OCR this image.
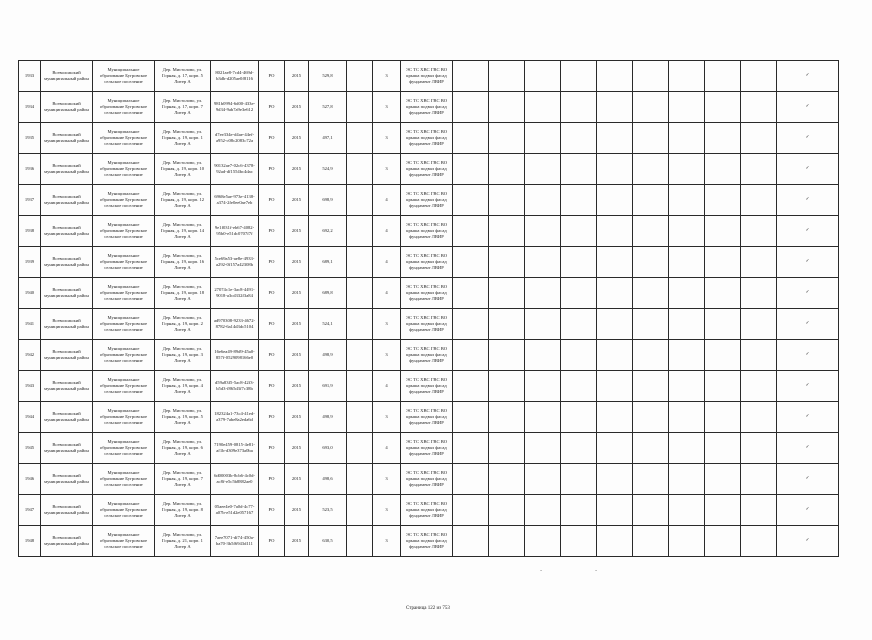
1933	Всеволожский муниципальный район	Муниципальное образование Бугровское сельское поселение	Дер. Мистолово, ул. Горная, д. 17, корп. 5 Литер А	8021ae8-7cd4-469d-b3db-d205ae0f8116	РО	2015	529,8		3	ЭС ТС ХВС ГВС ВО крыша подвал фасад фундамент ЛВИР										✓
1934	Всеволожский муниципальный район	Муниципальное образование Бугровское сельское поселение	Дер. Мистолово, ул. Горная, д. 17, корп. 7 Литер А	981b0994-6d00-433e-9d34-9ab7a9e3e612	РО	2015	527,8		3	ЭС ТС ХВС ГВС ВО крыша подвал фасад фундамент ЛВИР										✓
1935	Всеволожский муниципальный район	Муниципальное образование Бугровское сельское поселение	Дер. Мистолово, ул. Горная, д. 19, корп. 1 Литер А	d7ee334e-d4ae-44ef-a952-c08c2083c72a	РО	2015	497,1		3	ЭС ТС ХВС ГВС ВО крыша подвал фасад фундамент ЛВИР										✓
1936	Всеволожский муниципальный район	Муниципальное образование Бугровское сельское поселение	Дер. Мистолово, ул. Горная, д. 19, корп. 10 Литер А	90132ae7-02c6-4378-92ad-df1554bc4dac	РО	2015	524,9		3	ЭС ТС ХВС ГВС ВО крыша подвал фасад фундамент ЛВИР										✓
1937	Всеволожский муниципальный район	Муниципальное образование Бугровское сельское поселение	Дер. Мистолово, ул. Горная, д. 19, корп. 12 Литер А	6968e5ae-973e-4138-a374-2fe0ee0ae7eb	РО	2015	698,9		4	ЭС ТС ХВС ГВС ВО крыша подвал фасад фундамент ЛВИР										✓
1938	Всеволожский муниципальный район	Муниципальное образование Бугровское сельское поселение	Дер. Мистолово, ул. Горная, д. 19, корп. 14 Литер А	9e1f031f-eb67-4082-95b0-e51dc0707f7f	РО	2015	692,2		4	ЭС ТС ХВС ГВС ВО крыша подвал фасад фундамент ЛВИР										✓
1939	Всеволожский муниципальный район	Муниципальное образование Бугровское сельское поселение	Дер. Мистолово, ул. Горная, д. 19, корп. 16 Литер А	5ce69a53-ae8e-4933-a292-0f157a42308b	РО	2015	689,1		4	ЭС ТС ХВС ГВС ВО крыша подвал фасад фундамент ЛВИР										✓
1940	Всеволожский муниципальный район	Муниципальное образование Бугровское сельское поселение	Дер. Мистолово, ул. Горная, д. 19, корп. 18 Литер А	27074c1e-3ac8-4491-9018-a3cd332f3a84	РО	2015	689,8		4	ЭС ТС ХВС ГВС ВО крыша подвал фасад фундамент ЛВИР										✓
1941	Всеволожский муниципальный район	Муниципальное образование Бугровское сельское поселение	Дер. Мистолово, ул. Горная, д. 19, корп. 2 Литер А	ad970308-9233-4672-8782-6a14d3dc5104	РО	2015	524,1		3	ЭС ТС ХВС ГВС ВО крыша подвал фасад фундамент ЛВИР										✓
1942	Всеволожский муниципальный район	Муниципальное образование Бугровское сельское поселение	Дер. Мистолово, ул. Горная, д. 19, корп. 3 Литер А	16e6ea49-89d9-45a0-857f-0529098166e0	РО	2015	498,9		3	ЭС ТС ХВС ГВС ВО крыша подвал фасад фундамент ЛВИР										✓
1943	Всеволожский муниципальный район	Муниципальное образование Бугровское сельское поселение	Дер. Мистолово, ул. Горная, д. 19, корп. 4 Литер А	d59a83f5-5ac8-42f3-b5d3-f865d3f7c38b	РО	2015	691,9		4	ЭС ТС ХВС ГВС ВО крыша подвал фасад фундамент ЛВИР										✓
1944	Всеволожский муниципальный район	Муниципальное образование Бугровское сельское поселение	Дер. Мистолово, ул. Горная, д. 19, корп. 5 Литер А	182324a1-73c4-41ed-a379-7abe8a2eda6d	РО	2015	498,9		3	ЭС ТС ХВС ГВС ВО крыша подвал фасад фундамент ЛВИР										✓
1945	Всеволожский муниципальный район	Муниципальное образование Бугровское сельское поселение	Дер. Мистолово, ул. Горная, д. 19, корп. 6 Литер А	7190e459-0815-4e81-af1b-d309e373a0ba	РО	2015	693,0		4	ЭС ТС ХВС ГВС ВО крыша подвал фасад фундамент ЛВИР										✓
1946	Всеволожский муниципальный район	Муниципальное образование Бугровское сельское поселение	Дер. Мистолово, ул. Горная, д. 19, корп. 7 Литер А	6d00003b-8cb6-4c0d-ac8f-e5c5b8882ae0	РО	2015	498,6		3	ЭС ТС ХВС ГВС ВО крыша подвал фасад фундамент ЛВИР										✓
1947	Всеволожский муниципальный район	Муниципальное образование Бугровское сельское поселение	Дер. Мистолово, ул. Горная, д. 19, корп. 8 Литер А	05aee4e0-7a0d-4c77-a07b-e51d2e057167	РО	2015	523,5		3	ЭС ТС ХВС ГВС ВО крыша подвал фасад фундамент ЛВИР										✓
1948	Всеволожский муниципальный район	Муниципальное образование Бугровское сельское поселение	Дер. Мистолово, ул. Горная, д. 21, корп. 1 Литер А	7aee7071-df74-450a-ba70-3b5f6943d111	РО	2015	630,5		3	ЭС ТС ХВС ГВС ВО крыша подвал фасад фундамент ЛВИР										✓
-	-
Страница 122 из 753
